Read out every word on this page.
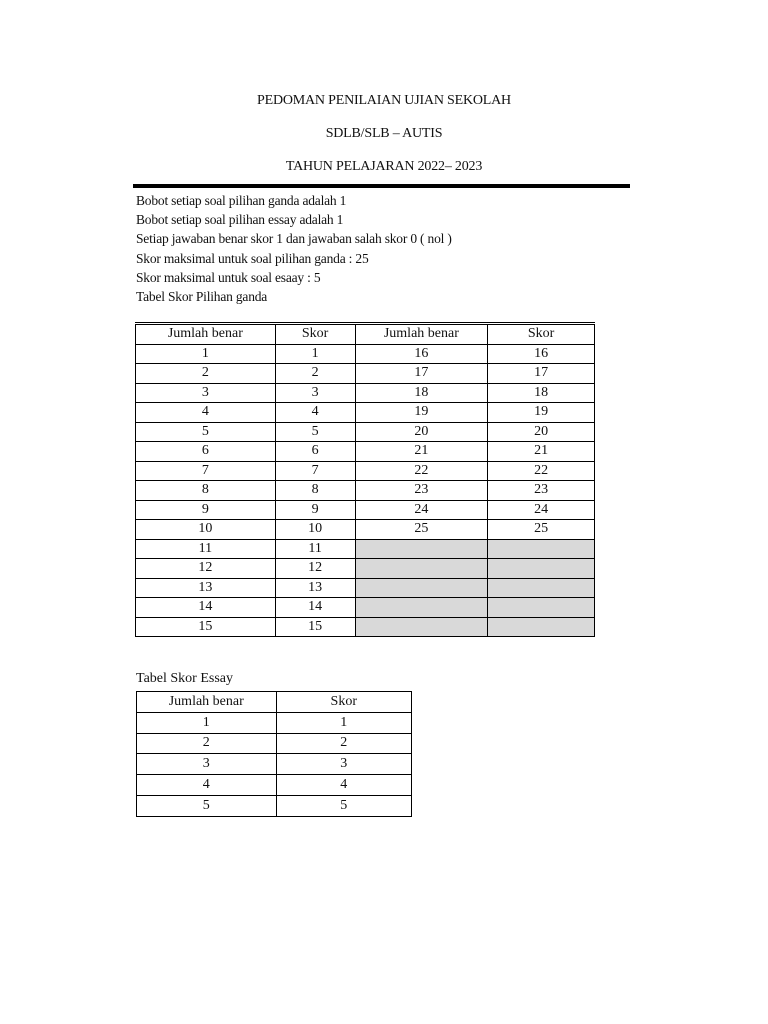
PEDOMAN PENILAIAN UJIAN SEKOLAH
SDLB/SLB – AUTIS
TAHUN PELAJARAN 2022– 2023
Bobot setiap soal pilihan ganda adalah 1
Bobot setiap soal pilihan essay adalah 1
Setiap jawaban benar skor 1 dan jawaban salah skor 0 ( nol )
Skor maksimal untuk soal pilihan ganda : 25
Skor maksimal untuk soal esaay : 5
Tabel Skor Pilihan ganda
Jumlah benar	Skor	Jumlah benar	Skor
1	1	16	16
2	2	17	17
3	3	18	18
4	4	19	19
5	5	20	20
6	6	21	21
7	7	22	22
8	8	23	23
9	9	24	24
10	10	25	25
11	11		
12	12		
13	13		
14	14		
15	15		
Tabel Skor Essay
Jumlah benar	Skor
1	1
2	2
3	3
4	4
5	5
